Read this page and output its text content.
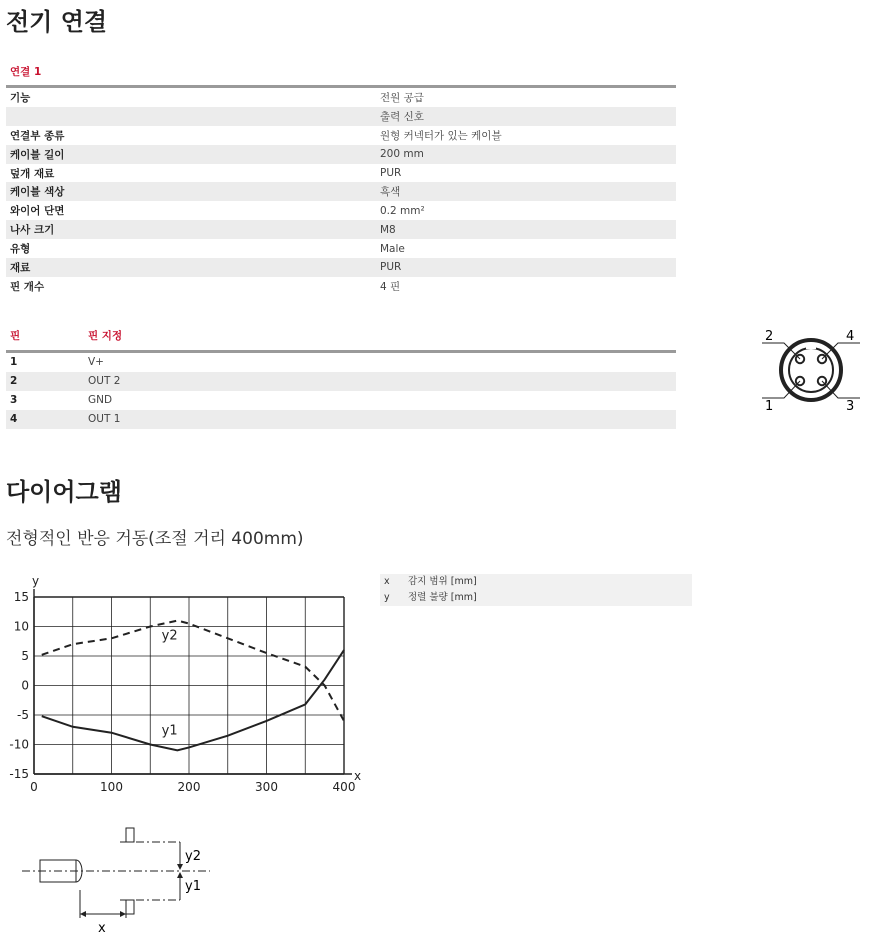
전기 연결
연결 1	
기능	전원 공급
	출력 신호
연결부 종류	원형 커넥터가 있는 케이블
케이블 길이	200 mm
덮개 재료	PUR
케이블 색상	흑색
와이어 단면	0.2 mm²
나사 크기	M8
유형	Male
재료	PUR
핀 개수	4 핀
핀	핀 지정
1	V+
2	OUT 2
3	GND
4	OUT 1
2	4
1	3
다이어그램
전형적인 반응 거동(조절 거리 400mm)
x	감지 범위 [mm]
y	정렬 불량 [mm]
0	100	200	300	400
15
10
5
0
-5
-10
-15
y2
y1
y
x
y2
y1
x
